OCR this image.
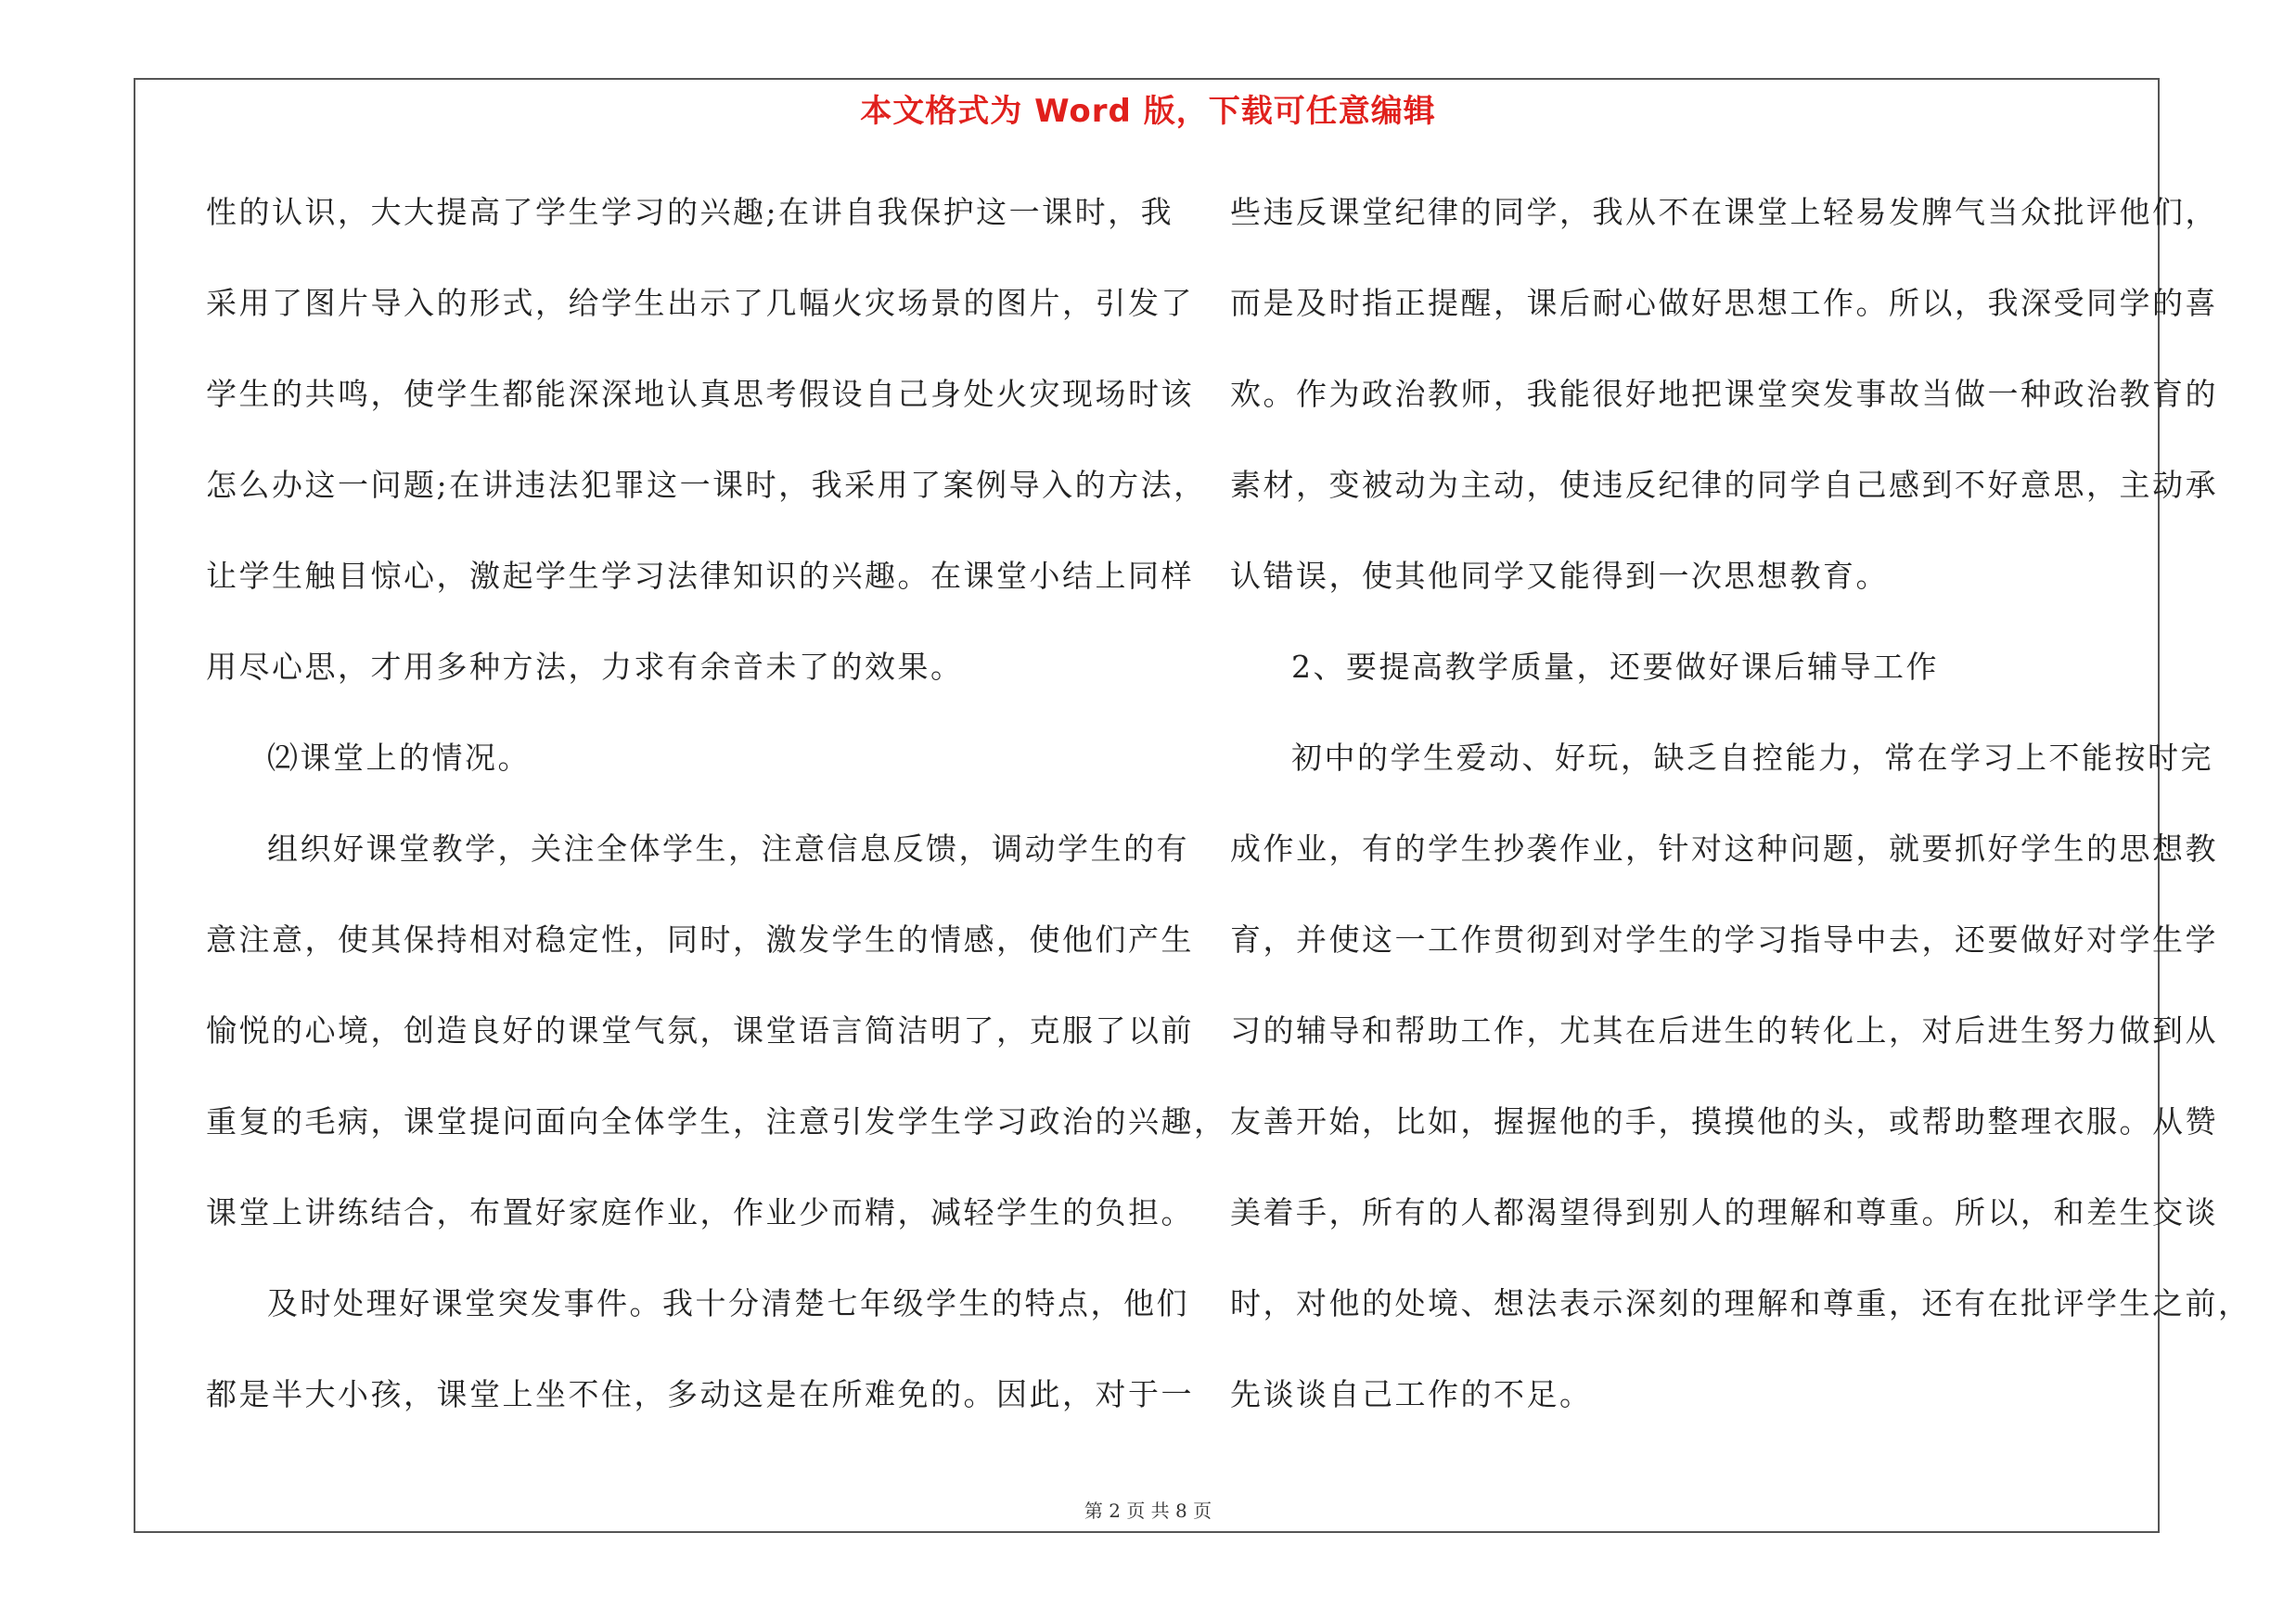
本文格式为 Word 版，下载可任意编辑
性的认识，大大提高了学生学习的兴趣;在讲自我保护这一课时，我
采用了图片导入的形式，给学生出示了几幅火灾场景的图片，引发了
学生的共鸣，使学生都能深深地认真思考假设自己身处火灾现场时该
怎么办这一问题;在讲违法犯罪这一课时，我采用了案例导入的方法，
让学生触目惊心，激起学生学习法律知识的兴趣。在课堂小结上同样
用尽心思，才用多种方法，力求有余音未了的效果。
⑵课堂上的情况。
组织好课堂教学，关注全体学生，注意信息反馈，调动学生的有
意注意，使其保持相对稳定性，同时，激发学生的情感，使他们产生
愉悦的心境，创造良好的课堂气氛，课堂语言简洁明了，克服了以前
重复的毛病，课堂提问面向全体学生，注意引发学生学习政治的兴趣，
课堂上讲练结合，布置好家庭作业，作业少而精，减轻学生的负担。
及时处理好课堂突发事件。我十分清楚七年级学生的特点，他们
都是半大小孩，课堂上坐不住，多动这是在所难免的。因此，对于一
些违反课堂纪律的同学，我从不在课堂上轻易发脾气当众批评他们，
而是及时指正提醒，课后耐心做好思想工作。所以，我深受同学的喜
欢。作为政治教师，我能很好地把课堂突发事故当做一种政治教育的
素材，变被动为主动，使违反纪律的同学自己感到不好意思，主动承
认错误，使其他同学又能得到一次思想教育。
2、要提高教学质量，还要做好课后辅导工作
初中的学生爱动、好玩，缺乏自控能力，常在学习上不能按时完
成作业，有的学生抄袭作业，针对这种问题，就要抓好学生的思想教
育，并使这一工作贯彻到对学生的学习指导中去，还要做好对学生学
习的辅导和帮助工作，尤其在后进生的转化上，对后进生努力做到从
友善开始，比如，握握他的手，摸摸他的头，或帮助整理衣服。从赞
美着手，所有的人都渴望得到别人的理解和尊重。所以，和差生交谈
时，对他的处境、想法表示深刻的理解和尊重，还有在批评学生之前，
先谈谈自己工作的不足。
第 2 页 共 8 页
